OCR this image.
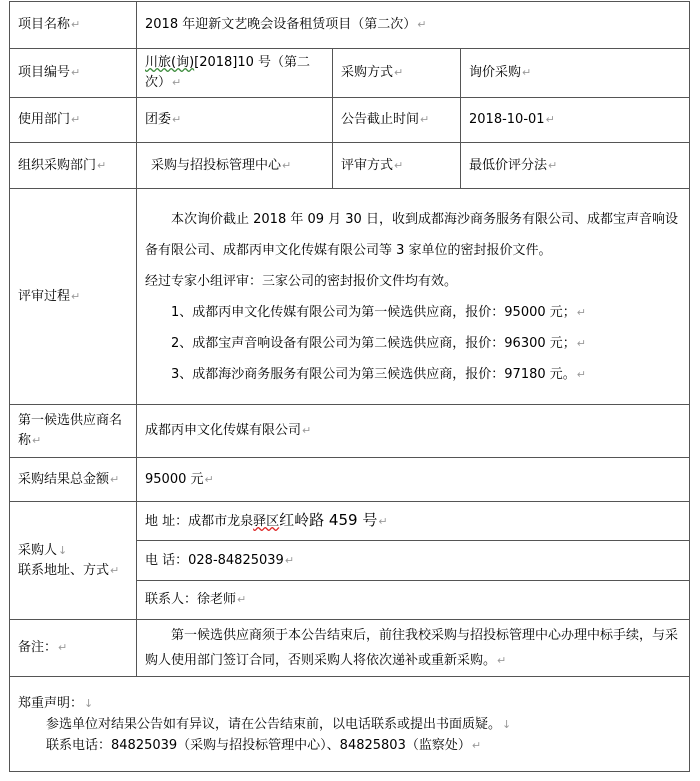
项目名称↵	2018 年迎新文艺晚会设备租赁项目（第二次）↵		
项目编号↵	川旅(询)[2018]10 号（第二次）↵	采购方式↵	询价采购↵
使用部门↵	团委↵	公告截止时间↵	2018-10-01↵
组织采购部门↵	采购与招投标管理中心↵	评审方式↵	最低价评分法↵
评审过程↵	本次询价截止 2018 年 09 月 30 日，收到成都海沙商务服务有限公司、成都宝声音响设备有限公司、成都丙申文化传媒有限公司等 3 家单位的密封报价文件。
经过专家小组评审：三家公司的密封报价文件均有效。
1、成都丙申文化传媒有限公司为第一候选供应商，报价：95000 元；↵
2、成都宝声音响设备有限公司为第二候选供应商，报价：96300 元；↵
3、成都海沙商务服务有限公司为第三候选供应商，报价：97180 元。↵		

第一候选供应商名称↵	成都丙申文化传媒有限公司↵		
采购结果总金额↵	95000 元↵		

采购人↓
联系地址、方式↵	地 址：成都市龙泉驿区红岭路 459 号↵		
	电 话：028-84825039↵		
	联系人：徐老师↵		
备注：↵	第一候选供应商须于本公告结束后，前往我校采购与招投标管理中心办理中标手续，与采购人使用部门签订合同，否则采购人将依次递补或重新采购。↵		

郑重声明：↓
参选单位对结果公告如有异议，请在公告结束前，以电话联系或提出书面质疑。↓
联系电话：84825039（采购与招投标管理中心）、84825803（监察处）↵			
